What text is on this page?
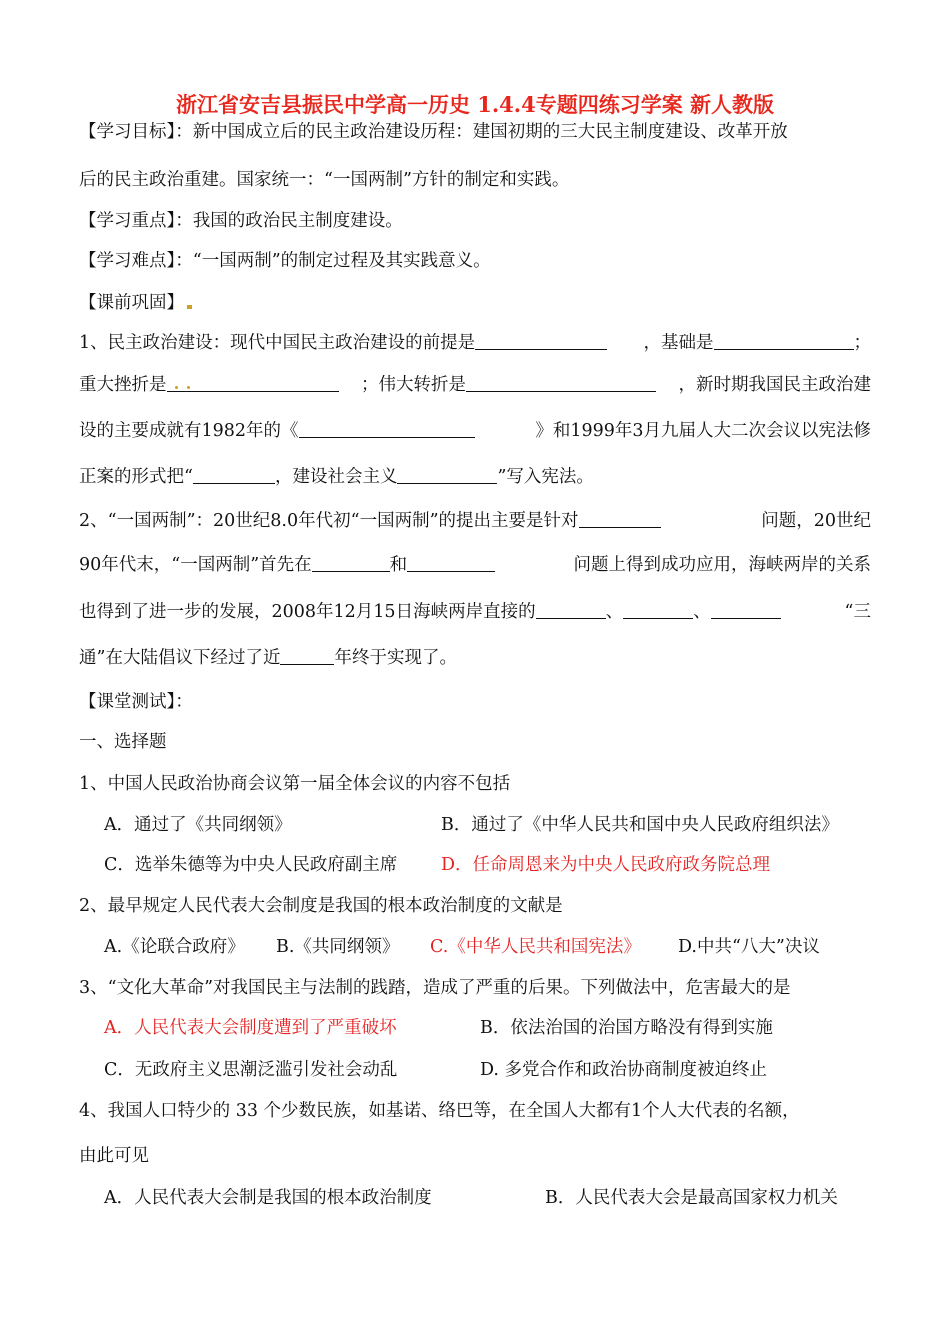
浙江省安吉县振民中学高一历史 1.4.4专题四练习学案 新人教版
【学习目标】：新中国成立后的民主政治建设历程：建国初期的三大民主制度建设、改革开放
后的民主政治重建。国家统一：“一国两制”方针的制定和实践。
【学习重点】：我国的政治民主制度建设。
【学习难点】：“一国两制”的制定过程及其实践意义。
【课前巩固】
1、民主政治建设：现代中国民主政治建设的前提是	，基础是	；
重大挫折是	；伟大转折是	，新时期我国民主政治建
设的主要成就有1982年的《	》和1999年3月九届人大二次会议以宪法修
正案的形式把“	，建设社会主义	”写入宪法。
2、“一国两制”：20世纪8.0年代初“一国两制”的提出主要是针对	问题，20世纪
90年代末，“一国两制”首先在	和	问题上得到成功应用，海峡两岸的关系
也得到了进一步的发展，2008年12月15日海峡两岸直接的	、	、	“三
通”在大陆倡议下经过了近	年终于实现了。
【课堂测试】：
一、选择题
1、中国人民政治协商会议第一届全体会议的内容不包括
A．通过了《共同纲领》	B．通过了《中华人民共和国中央人民政府组织法》
C．选举朱德等为中央人民政府副主席 D．任命周恩来为中央人民政府政务院总理
2、最早规定人民代表大会制度是我国的根本政治制度的文献是
A.《论联合政府》 B.《共同纲领》 C.《中华人民共和国宪法》 D.中共“八大”决议
3、“文化大革命”对我国民主与法制的践踏，造成了严重的后果。下列做法中，危害最大的是
A．人民代表大会制度遭到了严重破坏	B．依法治国的治国方略没有得到实施
C．无政府主义思潮泛滥引发社会动乱	D. 多党合作和政治协商制度被迫终止
4、我国人口特少的 33 个少数民族，如基诺、络巴等，在全国人大都有1个人大代表的名额，
由此可见
A．人民代表大会制是我国的根本政治制度	B．人民代表大会是最高国家权力机关
